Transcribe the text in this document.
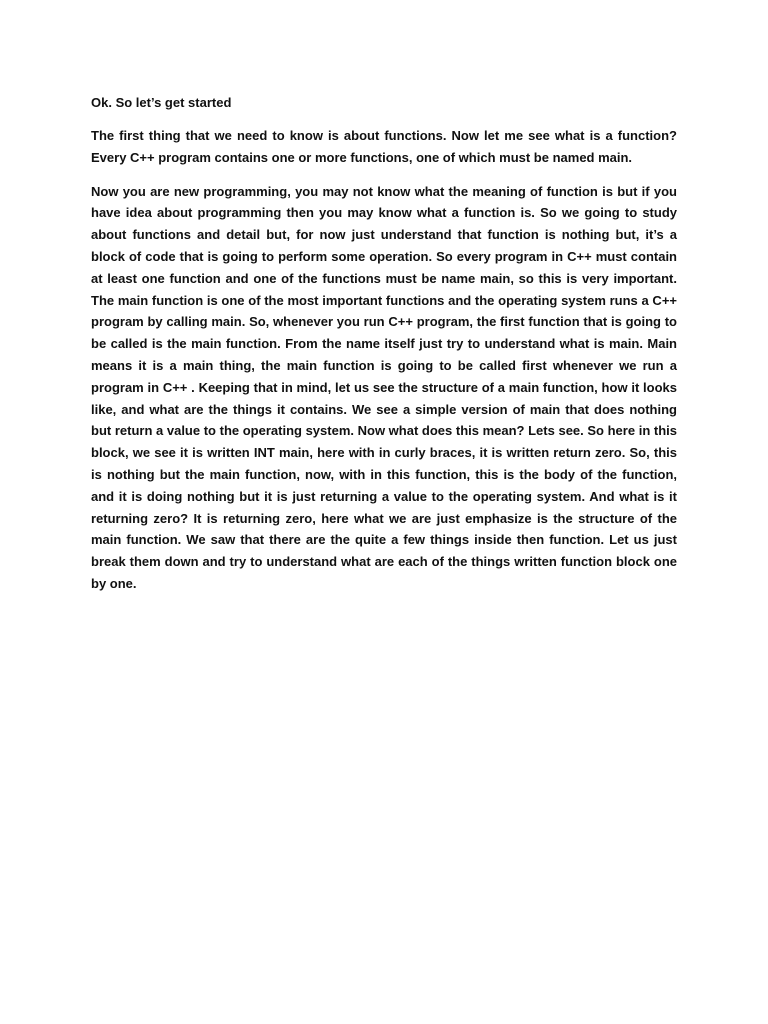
Ok. So let’s get started

The first thing that we need to know is about functions. Now let me see what is a function? Every C++ program contains one or more functions, one of which must be named main.

Now you are new programming, you may not know what the meaning of function is but if you have idea about programming then you may know what a function is. So we going to study about functions and detail but, for now just understand that function is nothing but, it’s a block of code that is going to perform some operation. So every program in C++ must contain at least one function and one of the functions must be name main, so this is very important. The main function is one of the most important functions and the operating system runs a C++ program by calling main. So, whenever you run C++ program, the first function that is going to be called is the main function. From the name itself just try to understand what is main. Main means it is a main thing, the main function is going to be called first whenever we run a program in C++ . Keeping that in mind, let us see the structure of a main function, how it looks like, and what are the things it contains. We see a simple version of main that does nothing but return a value to the operating system. Now what does this mean? Lets see. So here in this block, we see it is written INT main, here with in curly braces, it is written return zero. So, this is nothing but the main function, now, with in this function, this is the body of the function, and it is doing nothing but it is just returning a value to the operating system. And what is it returning zero? It is returning zero, here what we are just emphasize is the structure of the main function. We saw that there are the quite a few things inside then function. Let us just break them down and try to understand what are each of the things written function block one by one.
